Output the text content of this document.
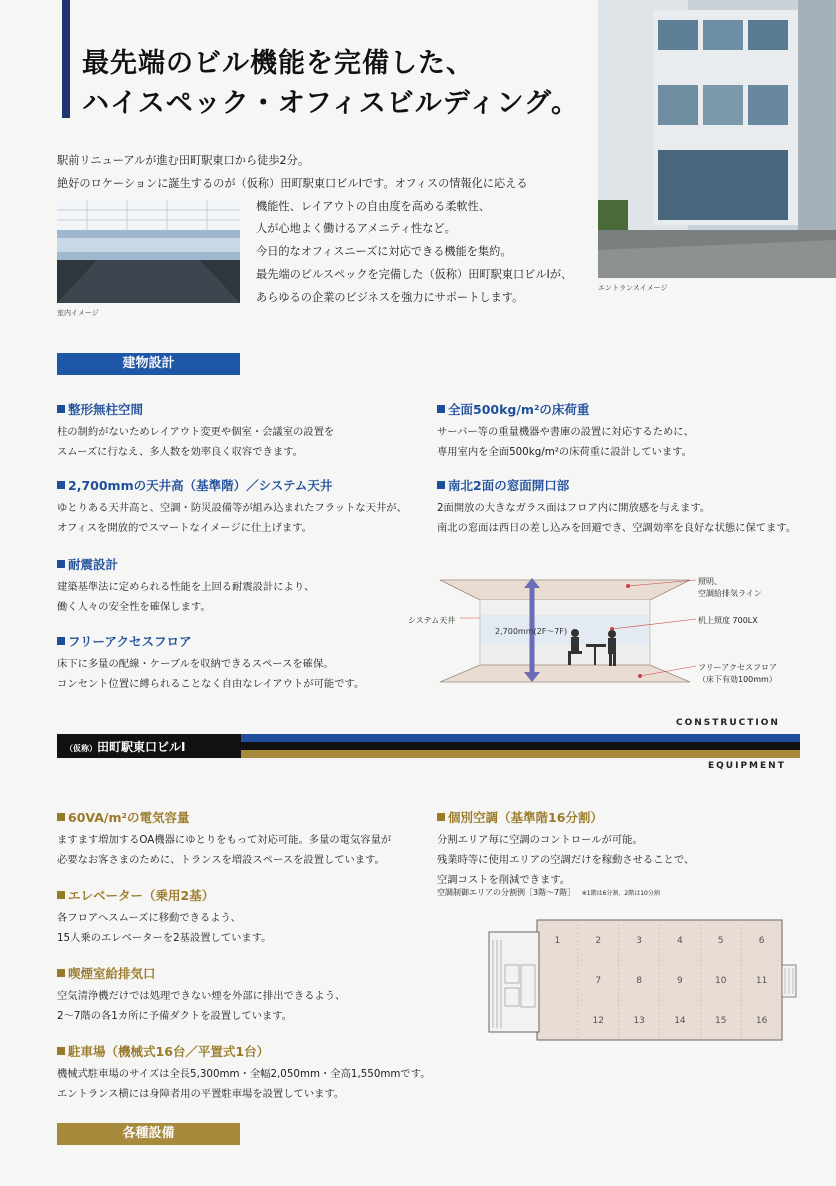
最先端のビル機能を完備した、
ハイスペック・オフィスビルディング。
エントランスイメージ
室内イメージ
駅前リニューアルが進む田町駅東口から徒歩2分。
絶好のロケーションに誕生するのが（仮称）田町駅東口ビルⅠです。オフィスの情報化に応える
機能性、レイアウトの自由度を高める柔軟性、
人が心地よく働けるアメニティ性など。
今日的なオフィスニーズに対応できる機能を集約。
最先端のビルスペックを完備した（仮称）田町駅東口ビルⅠが、
あらゆるの企業のビジネスを強力にサポートします。
建物設計
整形無柱空間
柱の制約がないためレイアウト変更や個室・会議室の設置を
スムーズに行なえ、多人数を効率良く収容できます。
全面500kg/m²の床荷重
サーバー等の重量機器や書庫の設置に対応するために、
専用室内を全面500kg/m²の床荷重に設計しています。
2,700mmの天井高（基準階）／システム天井
ゆとりある天井高と、空調・防災設備等が組み込まれたフラットな天井が、
オフィスを開放的でスマートなイメージに仕上げます。
南北2面の窓面開口部
2面開放の大きなガラス面はフロア内に開放感を与えます。
南北の窓面は西日の差し込みを回避でき、空調効率を良好な状態に保てます。
耐震設計
建築基準法に定められる性能を上回る耐震設計により、
働く人々の安全性を確保します。
フリーアクセスフロア
床下に多量の配線・ケーブルを収納できるスペースを確保。
コンセント位置に縛られることなく自由なレイアウトが可能です。
システム天井
2,700mm(2F〜7F)
照明、
空調給排気ライン
机上照度 700LX
フリーアクセスフロア
（床下有効100mm）
CONSTRUCTION
（仮称）田町駅東口ビルⅠ
EQUIPMENT
60VA/m²の電気容量
ますます増加するOA機器にゆとりをもって対応可能。多量の電気容量が
必要なお客さまのために、トランスを増設スペースを設置しています。
個別空調（基準階16分割）
分割エリア毎に空調のコントロールが可能。
残業時等に使用エリアの空調だけを稼動させることで、
空調コストを削減できます。
エレベーター（乗用2基）
各フロアへスムーズに移動できるよう、
15人乗のエレベーターを2基設置しています。
喫煙室給排気口
空気清浄機だけでは処理できない煙を外部に排出できるよう、
2〜7階の各1カ所に予備ダクトを設置しています。
駐車場（機械式16台／平置式1台）
機械式駐車場のサイズは全長5,300mm・全幅2,050mm・全高1,550mmです。
エントランス横には身障者用の平置駐車場を設置しています。
空調制御エリアの分割例［3階〜7階］ ※1階は6分割、2階は10分割
1	2	3	4	5	6
7	8	9	10	11
12	13	14	15	16
各種設備
